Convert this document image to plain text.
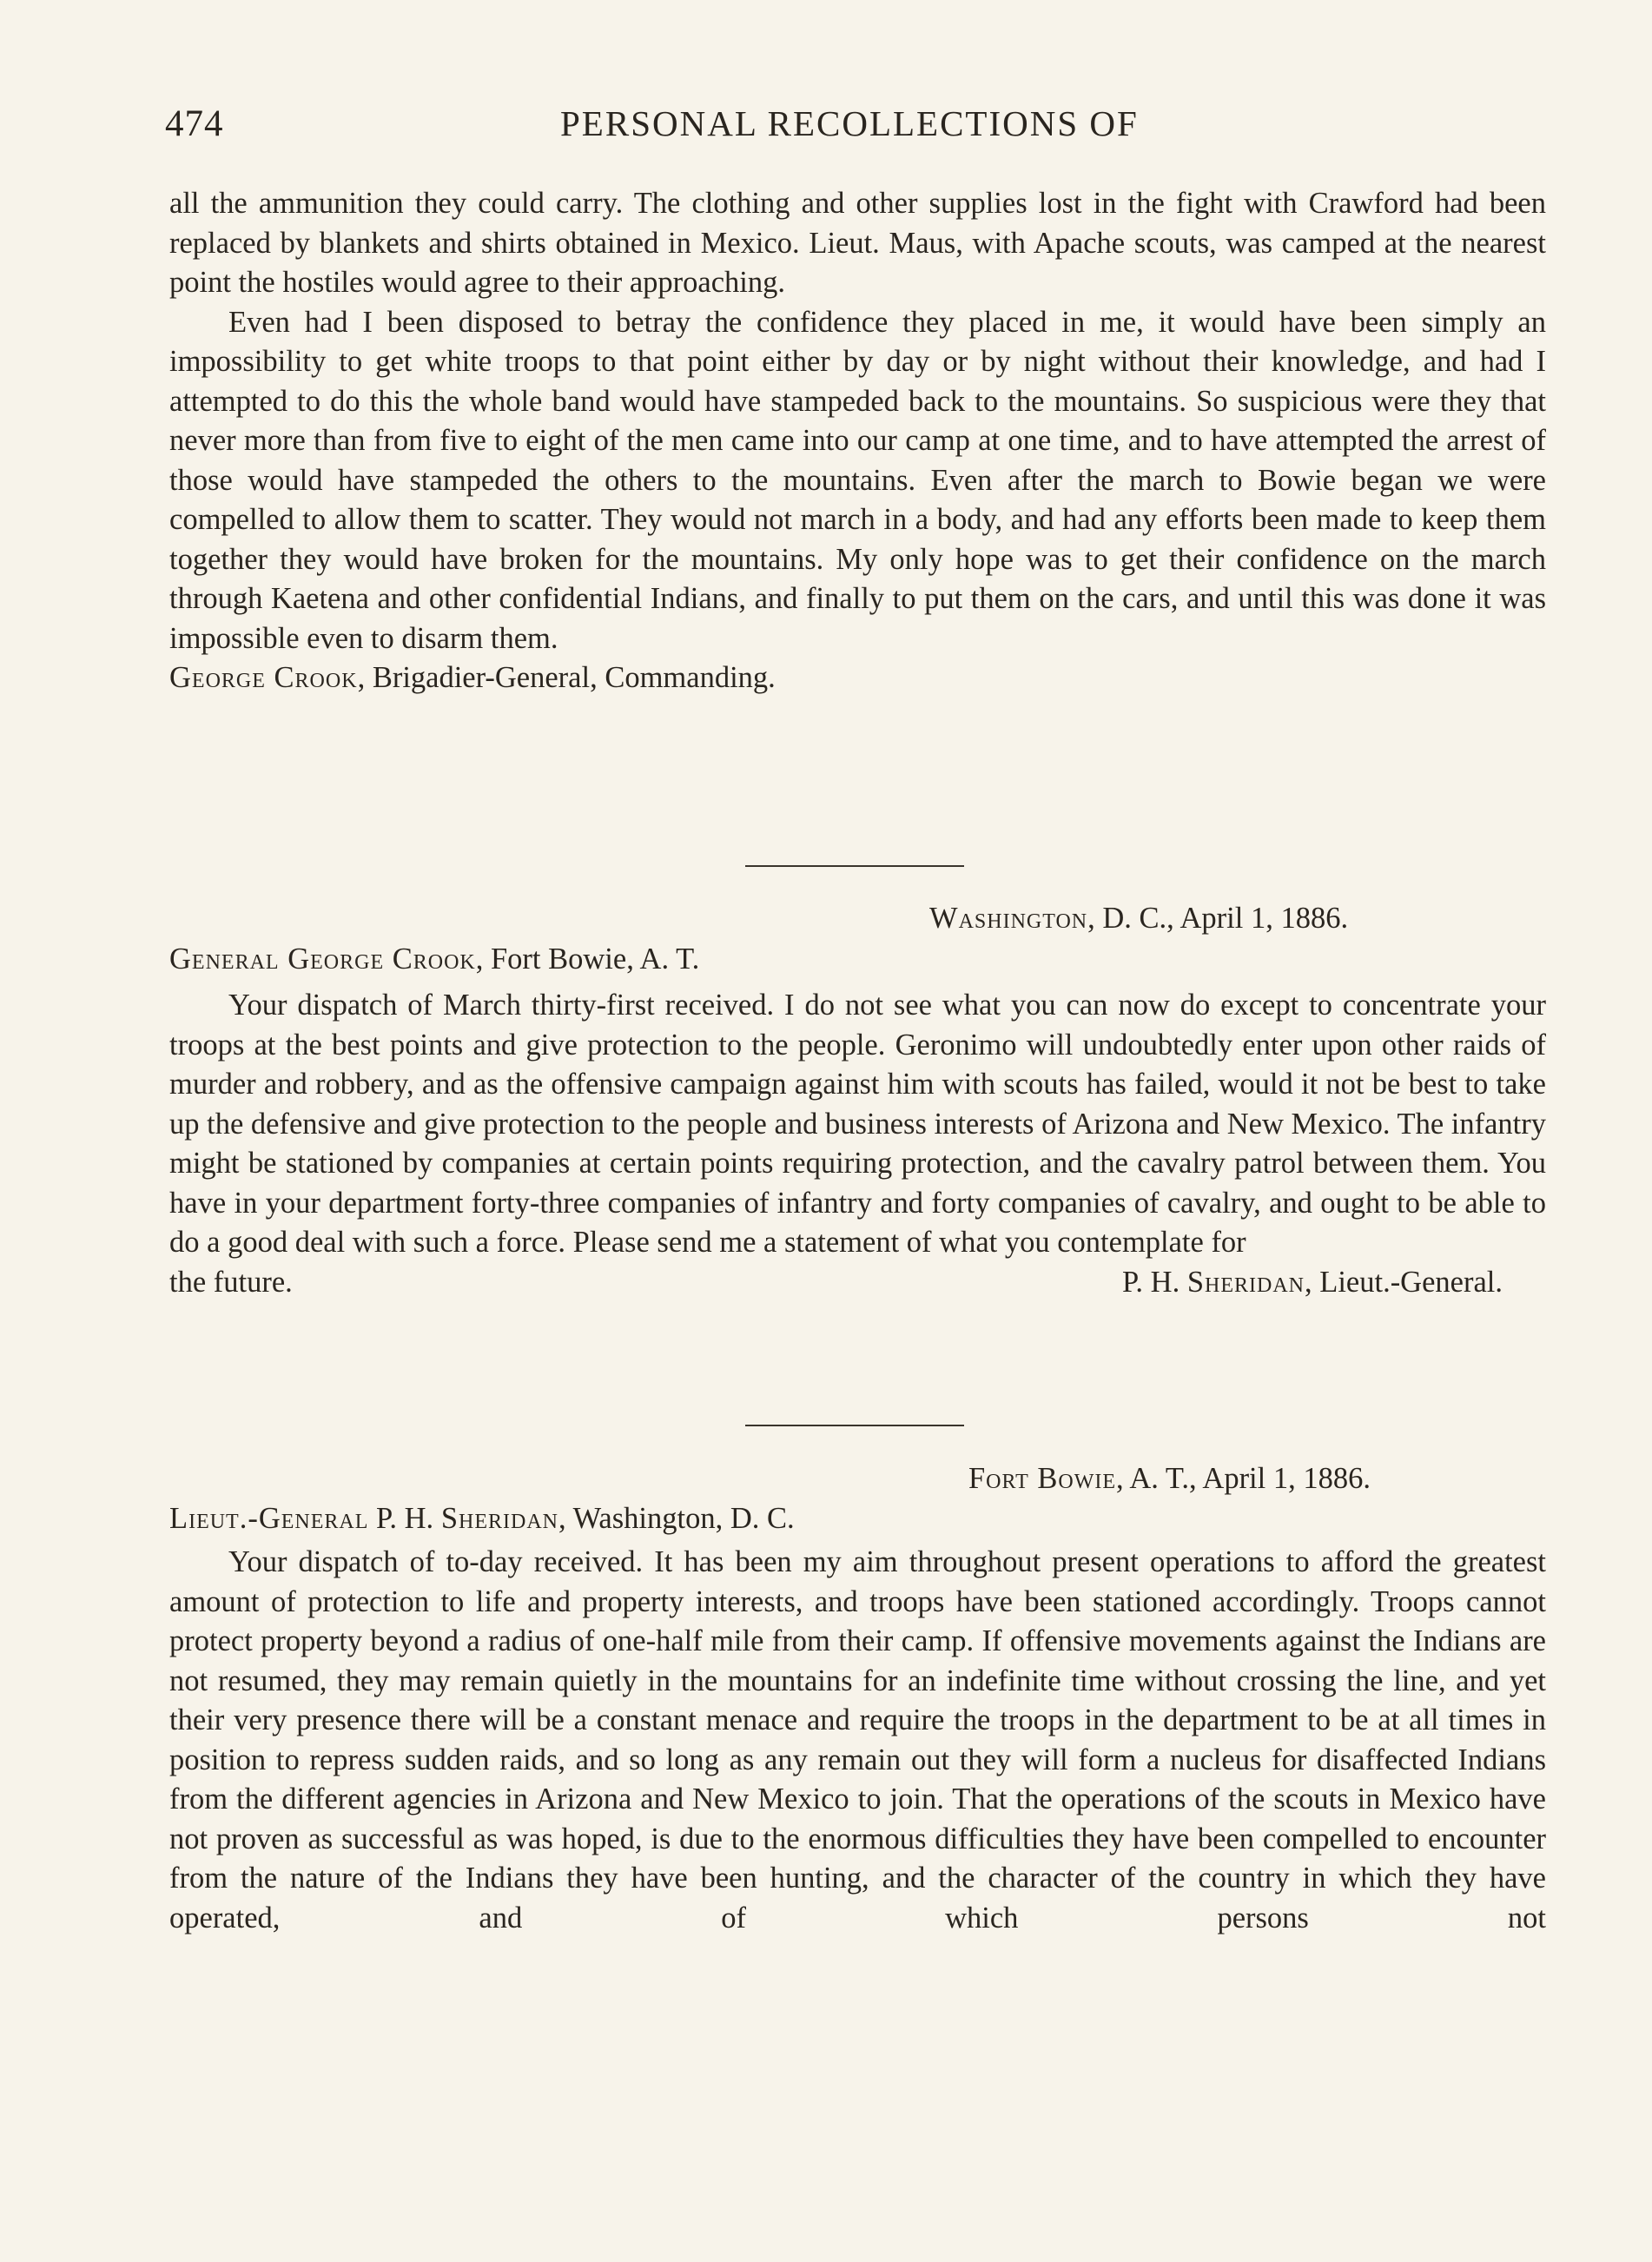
474	PERSONAL RECOLLECTIONS OF

all the ammunition they could carry. The clothing and other supplies lost in the fight with Crawford had been replaced by blankets and shirts obtained in Mexico. Lieut. Maus, with Apache scouts, was camped at the nearest point the hostiles would agree to their approaching.

Even had I been disposed to betray the confidence they placed in me, it would have been simply an impossibility to get white troops to that point either by day or by night without their knowledge, and had I attempted to do this the whole band would have stampeded back to the mountains. So suspicious were they that never more than from five to eight of the men came into our camp at one time, and to have attempted the arrest of those would have stampeded the others to the mountains. Even after the march to Bowie began we were compelled to allow them to scatter. They would not march in a body, and had any efforts been made to keep them together they would have broken for the mountains. My only hope was to get their confidence on the march through Kaetena and other confidential Indians, and finally to put them on the cars, and until this was done it was impossible even to disarm them.

George Crook, Brigadier-General, Commanding.

Washington, D. C., April 1, 1886.
General George Crook, Fort Bowie, A. T.

Your dispatch of March thirty-first received. I do not see what you can now do except to concentrate your troops at the best points and give protection to the people. Geronimo will undoubtedly enter upon other raids of murder and robbery, and as the offensive campaign against him with scouts has failed, would it not be best to take up the defensive and give protection to the people and business interests of Arizona and New Mexico. The infantry might be stationed by companies at certain points requiring protection, and the cavalry patrol between them. You have in your department forty-three companies of infantry and forty companies of cavalry, and ought to be able to do a good deal with such a force. Please send me a statement of what you contemplate for

the future.	P. H. Sheridan, Lieut.-General.

Fort Bowie, A. T., April 1, 1886.
Lieut.-General P. H. Sheridan, Washington, D. C.

Your dispatch of to-day received. It has been my aim throughout present operations to afford the greatest amount of protection to life and property interests, and troops have been stationed accordingly. Troops cannot protect property beyond a radius of one-half mile from their camp. If offensive movements against the Indians are not resumed, they may remain quietly in the mountains for an indefinite time without crossing the line, and yet their very presence there will be a constant menace and require the troops in the department to be at all times in position to repress sudden raids, and so long as any remain out they will form a nucleus for disaffected Indians from the different agencies in Arizona and New Mexico to join. That the operations of the scouts in Mexico have not proven as successful as was hoped, is due to the enormous difficulties they have been compelled to encounter from the nature of the Indians they have been hunting, and the character of the country in which they have operated, and of which persons not
